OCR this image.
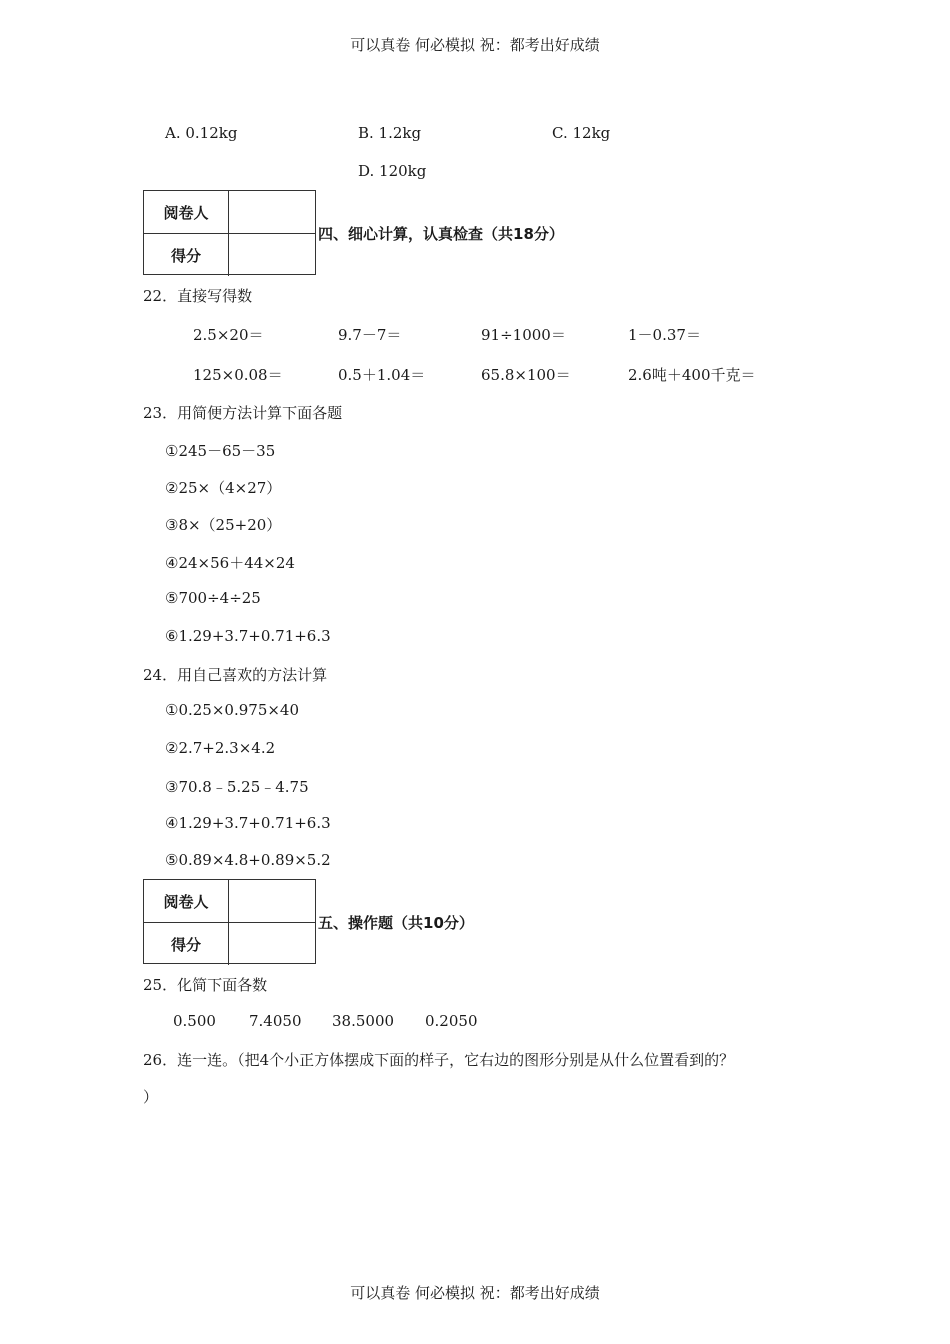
可以真卷 何必模拟 祝：都考出好成绩
A. 0.12kg	B. 1.2kg	C. 12kg
D. 120kg
阅卷人
得分
四、细心计算，认真检查（共18分）
22．直接写得数
2.5×20＝	9.7－7＝	91÷1000＝	1－0.37＝
125×0.08＝	0.5＋1.04＝	65.8×100＝	2.6吨＋400千克＝
23．用简便方法计算下面各题
①245－65－35
②25×（4×27）
③8×（25+20）
④24×56＋44×24
⑤700÷4÷25
⑥1.29+3.7+0.71+6.3
24．用自己喜欢的方法计算
①0.25×0.975×40
②2.7+2.3×4.2
③70.8﹣5.25﹣4.75
④1.29+3.7+0.71+6.3
⑤0.89×4.8+0.89×5.2
阅卷人
得分
五、操作题（共10分）
25．化简下面各数
0.500 7.4050 38.5000 0.2050
26．连一连。（把4个小正方体摆成下面的样子，它右边的图形分别是从什么位置看到的？
）
可以真卷 何必模拟 祝：都考出好成绩
